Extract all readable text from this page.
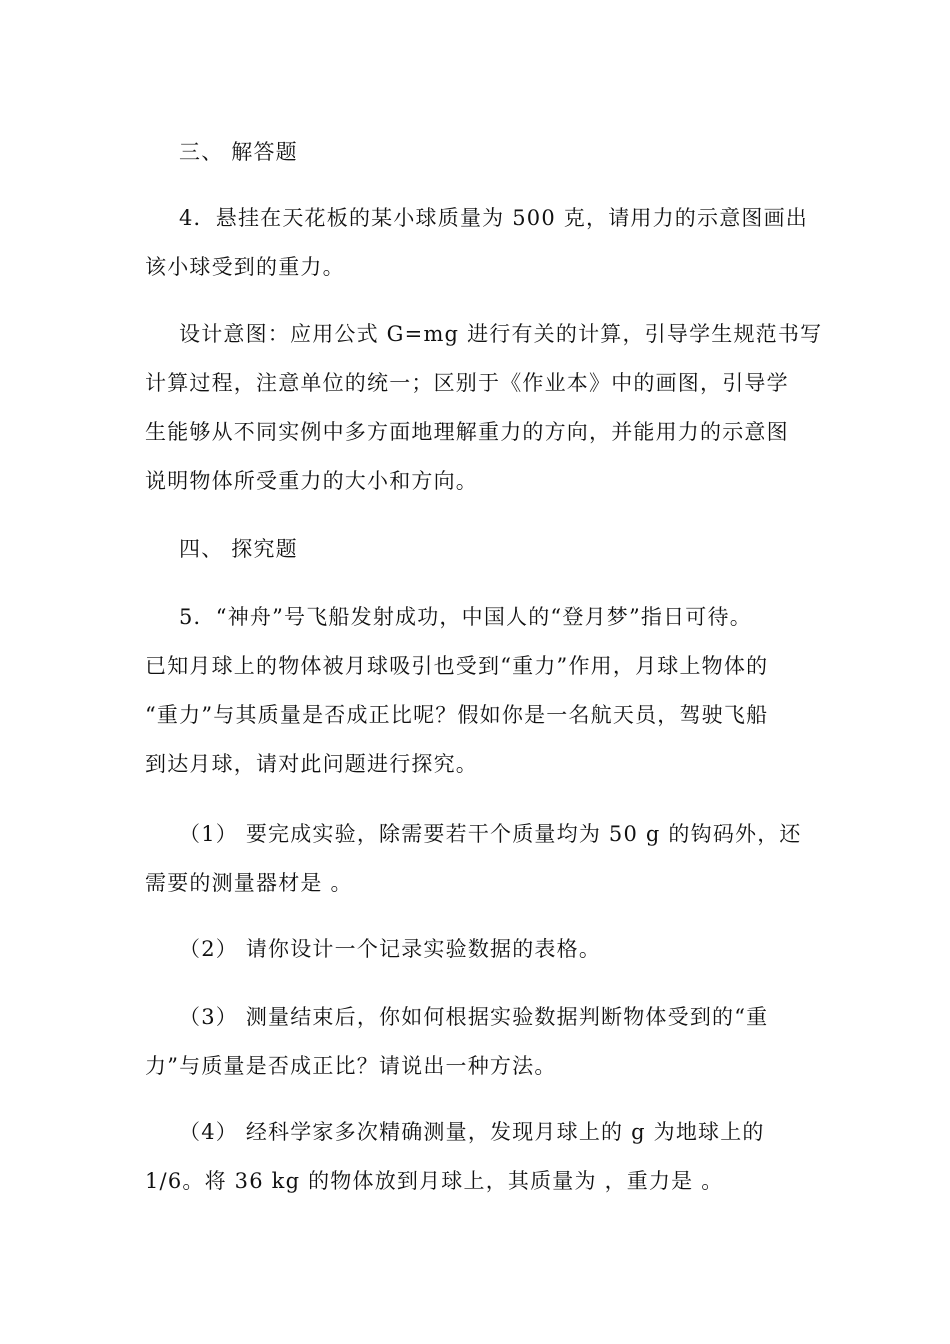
三、 解答题
4．悬挂在天花板的某小球质量为 500 克，请用力的示意图画出
该小球受到的重力。
设计意图：应用公式 G=mg 进行有关的计算，引导学生规范书写
计算过程，注意单位的统一；区别于《作业本》中的画图，引导学
生能够从不同实例中多方面地理解重力的方向，并能用力的示意图
说明物体所受重力的大小和方向。
四、 探究题
5．“神舟”号飞船发射成功，中国人的“登月梦”指日可待。
已知月球上的物体被月球吸引也受到“重力”作用，月球上物体的
“重力”与其质量是否成正比呢？假如你是一名航天员，驾驶飞船
到达月球，请对此问题进行探究。
（1） 要完成实验，除需要若干个质量均为 50 g 的钩码外，还
需要的测量器材是 。
（2） 请你设计一个记录实验数据的表格。
（3） 测量结束后，你如何根据实验数据判断物体受到的“重
力”与质量是否成正比？请说出一种方法。
（4） 经科学家多次精确测量，发现月球上的 g 为地球上的
1/6。将 36 kg 的物体放到月球上，其质量为 ，重力是 。
